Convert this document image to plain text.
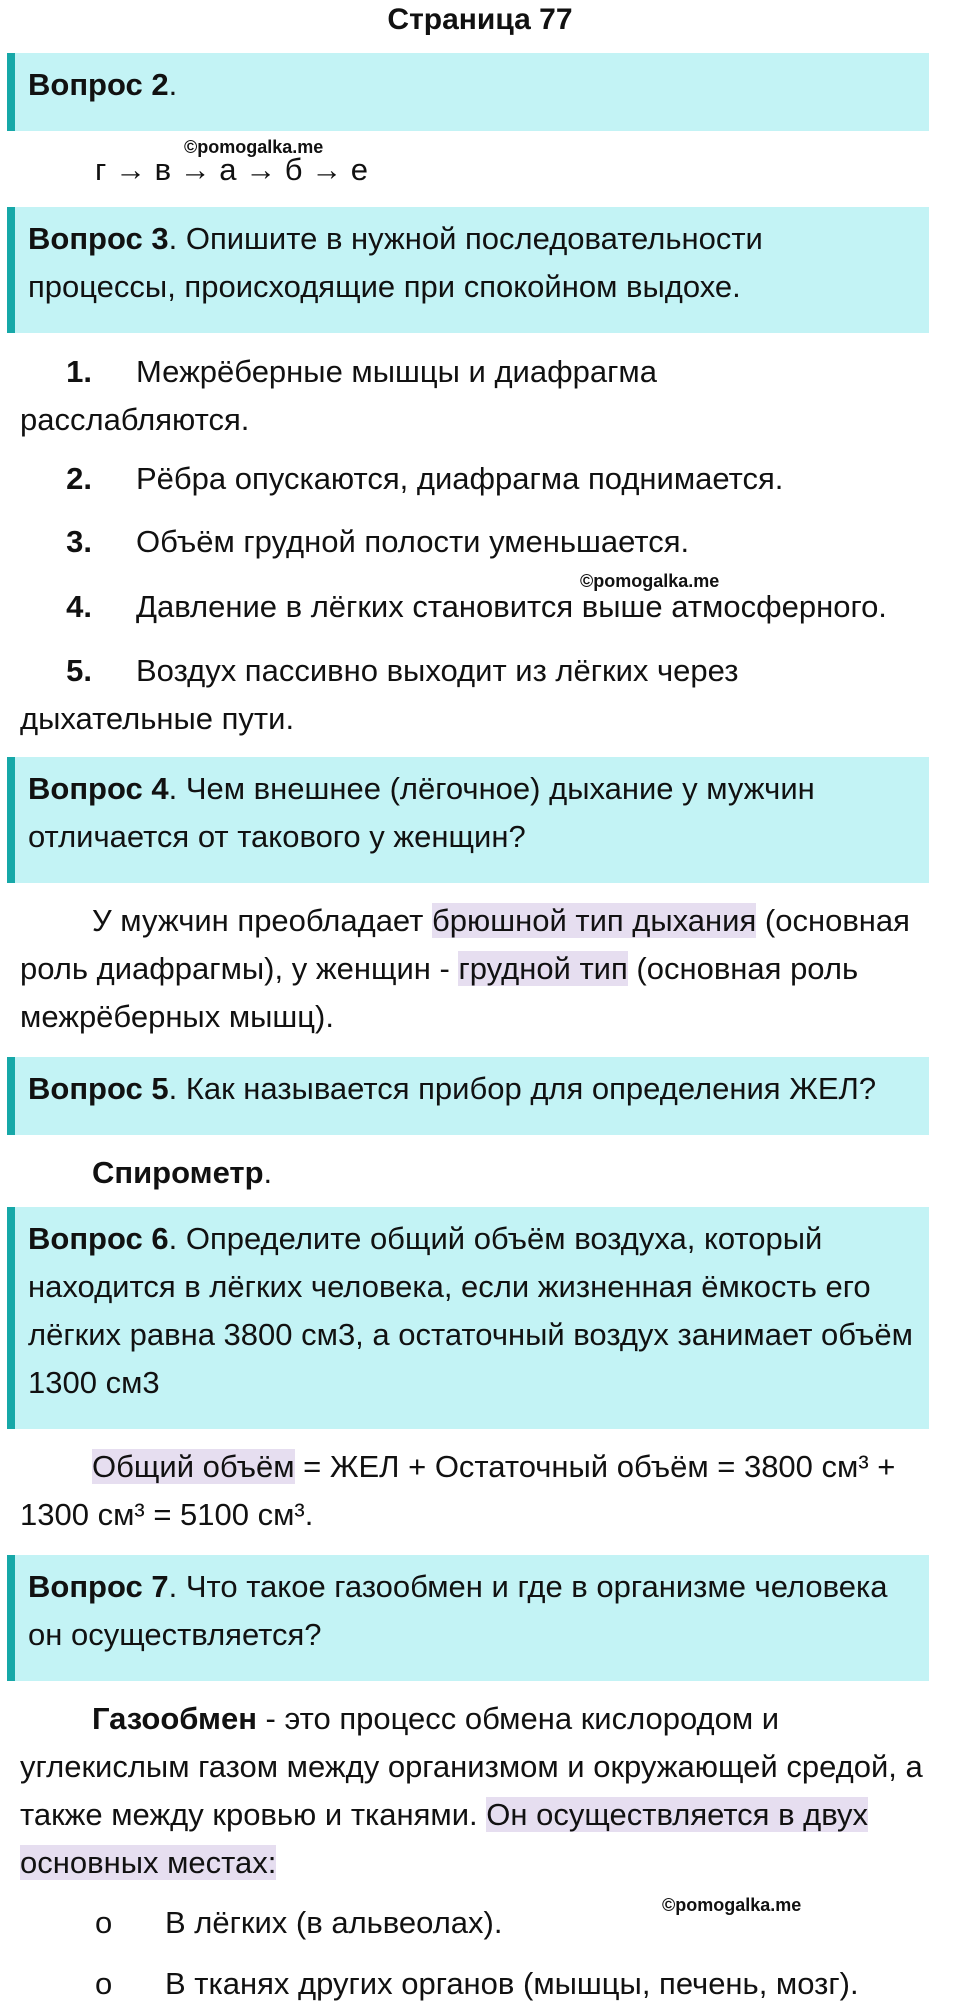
Страница 77
Вопрос 2.
©pomogalka.me
г → в → а → б → е
Вопрос 3. Опишите в нужной последовательности процессы, происходящие при спокойном выдохе.
1. Межрёберные мышцы и диафрагма
расслабляются.
2. Рёбра опускаются, диафрагма поднимается.
3. Объём грудной полости уменьшается.
©pomogalka.me
4. Давление в лёгких становится выше атмосферного.
5. Воздух пассивно выходит из лёгких через
дыхательные пути.
Вопрос 4. Чем внешнее (лёгочное) дыхание у мужчин отличается от такового у женщин?
У мужчин преобладает брюшной тип дыхания (основная роль диафрагмы), у женщин - грудной тип (основная роль межрёберных мышц).
Вопрос 5. Как называется прибор для определения ЖЕЛ?
Спирометр.
Вопрос 6. Определите общий объём воздуха, который находится в лёгких человека, если жизненная ёмкость его лёгких равна 3800 см3, а остаточный воздух занимает объём 1300 см3
Общий объём = ЖЕЛ + Остаточный объём = 3800 см³ + 1300 см³ = 5100 см³.
Вопрос 7. Что такое газообмен и где в организме человека он осуществляется?
Газообмен - это процесс обмена кислородом и углекислым газом между организмом и окружающей средой, а также между кровью и тканями. Он осуществляется в двух основных местах:
©pomogalka.me
o В лёгких (в альвеолах).
o В тканях других органов (мышцы, печень, мозг).
